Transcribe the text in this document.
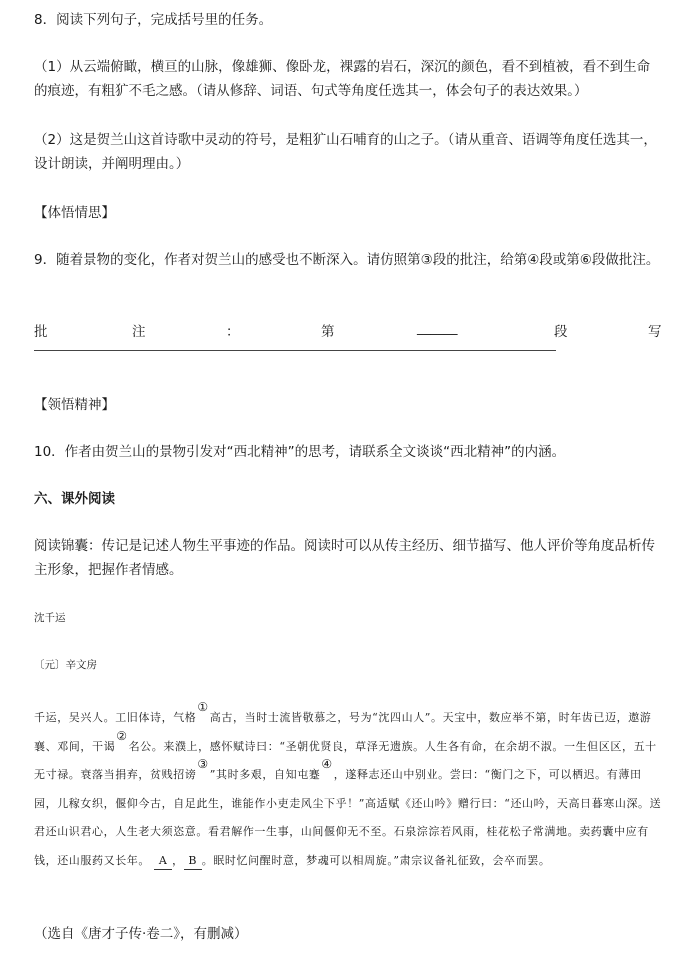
8．阅读下列句子，完成括号里的任务。
（1）从云端俯瞰，横亘的山脉，像雄狮、像卧龙，裸露的岩石，深沉的颜色，看不到植被，看不到生命的痕迹，有粗犷不毛之感。（请从修辞、词语、句式等角度任选其一，体会句子的表达效果。）
（2）这是贺兰山这首诗歌中灵动的符号，是粗犷山石哺育的山之子。（请从重音、语调等角度任选其一，设计朗读，并阐明理由。）
【体悟情思】
9．随着景物的变化，作者对贺兰山的感受也不断深入。请仿照第③段的批注，给第④段或第⑥段做批注。
批	注	：	第	______	段	写
【领悟精神】
10．作者由贺兰山的景物引发对“西北精神”的思考，请联系全文谈谈“西北精神”的内涵。
六、课外阅读
阅读锦囊：传记是记述人物生平事迹的作品。阅读时可以从传主经历、细节描写、他人评价等角度品析传主形象，把握作者情感。
沈千运
〔元〕辛文房
千运，吴兴人。工旧体诗，气格①高古，当时士流皆敬慕之，号为“沈四山人”。天宝中，数应举不第，时年齿已迈，遨游襄、邓间，干谒②名公。来濮上，感怀赋诗曰：“圣朝优贤良，草泽无遗族。人生各有命，在余胡不淑。一生但区区，五十无寸禄。衰落当捐弃，贫贱招谤③”其时多艰，自知屯蹇④，遂释志还山中别业。尝曰：“衡门之下，可以栖迟。有薄田园，儿稼女织，偃仰今古，自足此生，谁能作小吏走风尘下乎！”高适赋《还山吟》赠行曰：“还山吟，天高日暮寒山深。送君还山识君心，人生老大须恣意。看君解作一生事，山间偃仰无不至。石泉淙淙若风雨，桂花松子常满地。卖药囊中应有钱，还山服药又长年。 A ， B 。眠时忆问醒时意，梦魂可以相周旋。”肃宗议备礼征致，会卒而罢。
（选自《唐才子传·卷二》，有删减）
